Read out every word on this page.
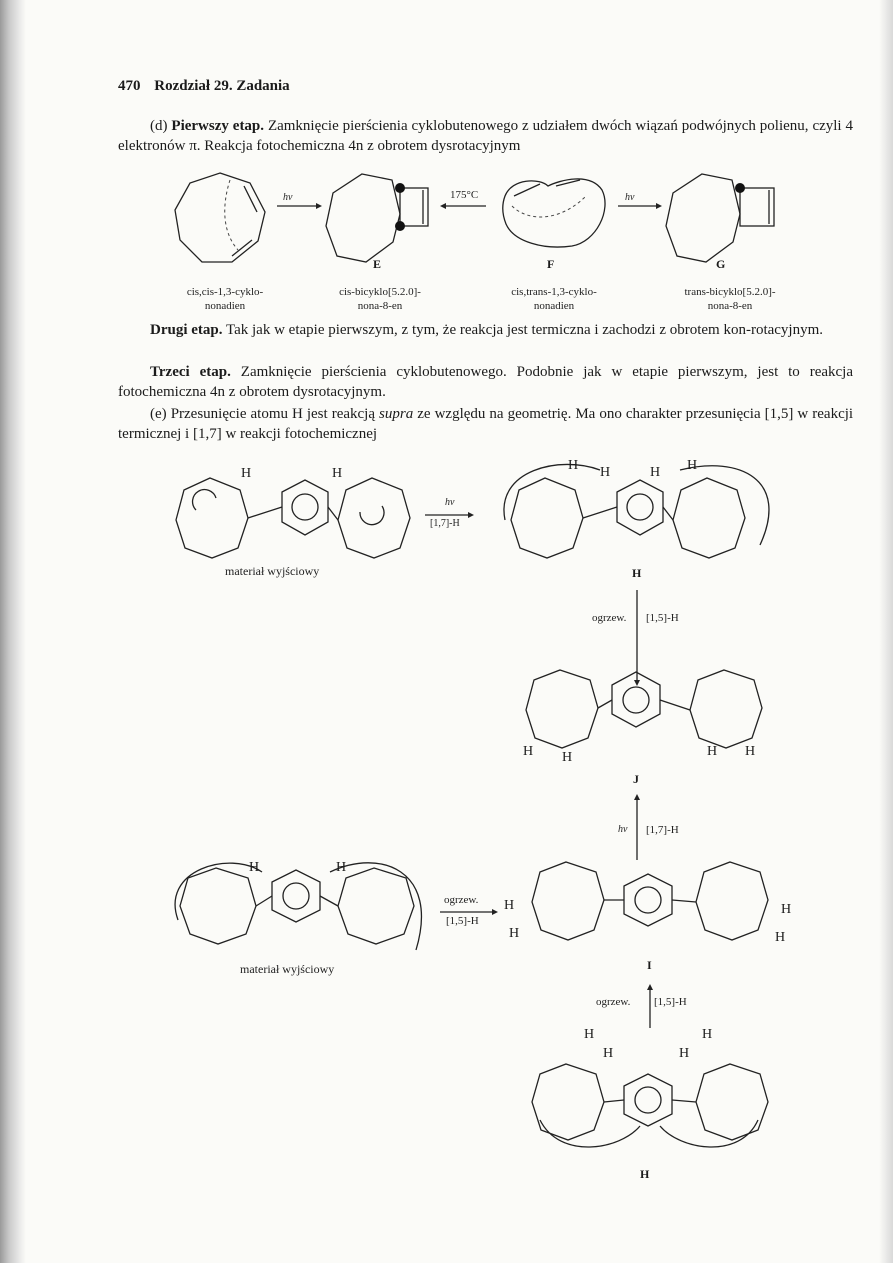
470 Rozdział 29. Zadania
(d) Pierwszy etap. Zamknięcie pierścienia cyklobutenowego z udziałem dwóch wiązań podwójnych polienu, czyli 4 elektronów π. Reakcja fotochemiczna 4n z obrotem dysrotacyjnym
hν	175°C	hν
E	F	G
cis,cis-1,3-cyklo-
nonadien
cis-bicyklo[5.2.0]-
nona-8-en
cis,trans-1,3-cyklo-
nonadien
trans-bicyklo[5.2.0]-
nona-8-en
Drugi etap. Tak jak w etapie pierwszym, z tym, że reakcja jest termiczna i zachodzi z obrotem kon-rotacyjnym.
Trzeci etap. Zamknięcie pierścienia cyklobutenowego. Podobnie jak w etapie pierwszym, jest to reakcja fotochemiczna 4n z obrotem dysrotacyjnym.
(e) Przesunięcie atomu H jest reakcją supra ze względu na geometrię. Ma ono charakter przesunięcia [1,5] w reakcji termicznej i [1,7] w reakcji fotochemicznej
materiał wyjściowy
hν
[1,7]-H
H
ogrzew. [1,5]-H
J
hν [1,7]-H
materiał wyjściowy
ogrzew.
[1,5]-H
I
ogrzew. [1,5]-H
H
H	H
H H	H H
H H	H H
H	H
H
H
H
H
H
H	H
H
